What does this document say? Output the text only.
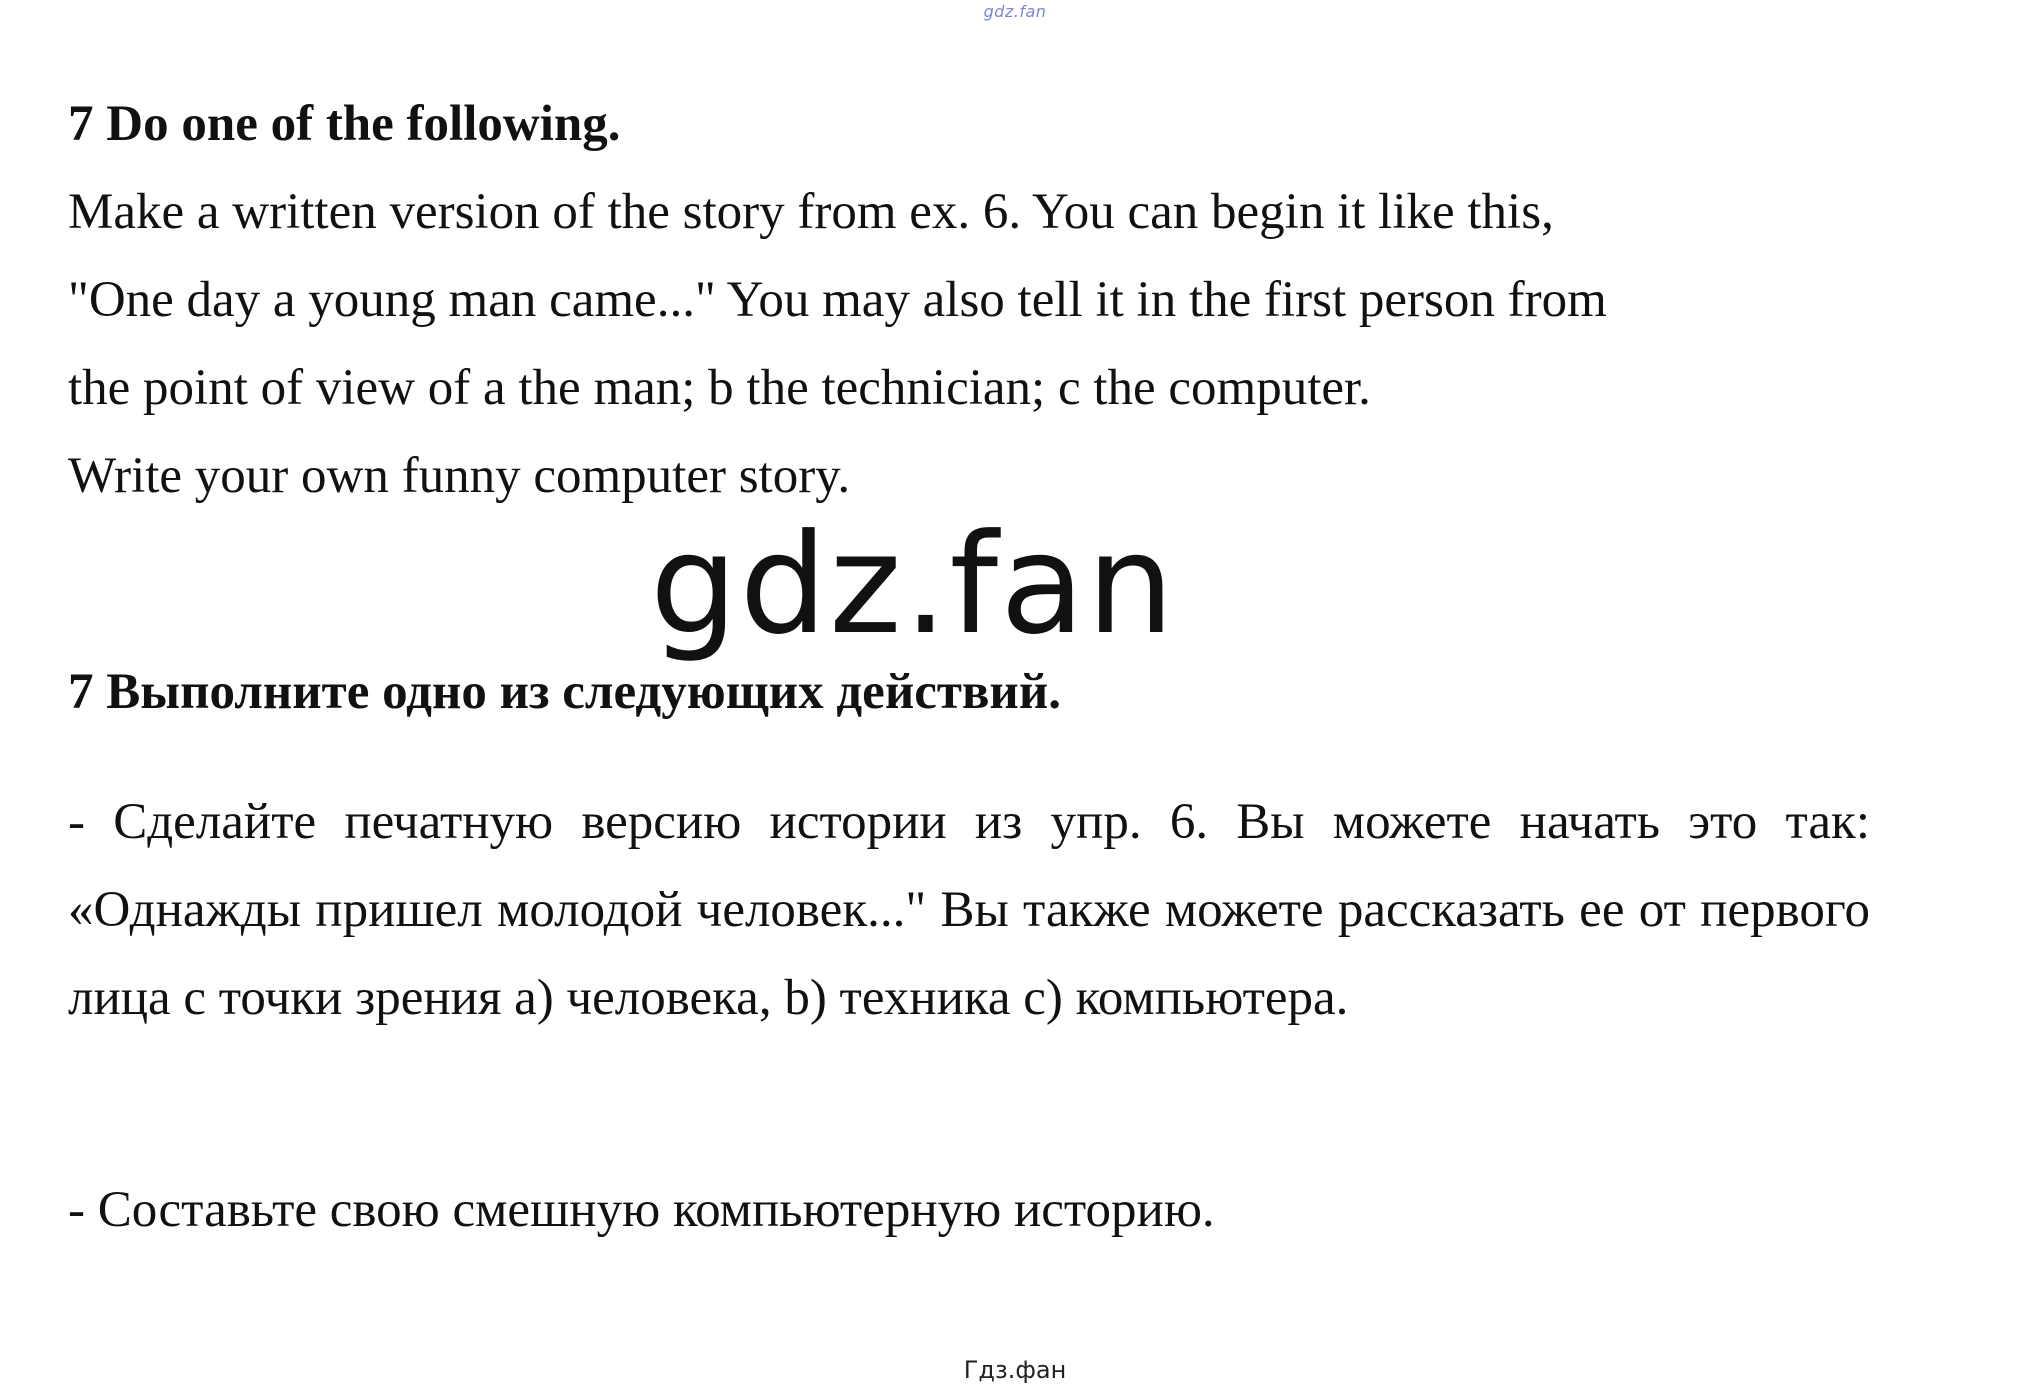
gdz.fan

7 Do one of the following.

Make a written version of the story from ex. 6. You can begin it like this,

"One day a young man came..." You may also tell it in the first person from

the point of view of a the man; b the technician; c the computer.

Write your own funny computer story.

gdz.fan

7 Выполните одно из следующих действий.

- Сделайте печатную версию истории из упр. 6. Вы можете начать это так: «Однажды пришел молодой человек..." Вы также можете рассказать ее от первого лица с точки зрения а) человека, b) техника с) компьютера.

- Составьте свою смешную компьютерную историю.

Гдз.фан
